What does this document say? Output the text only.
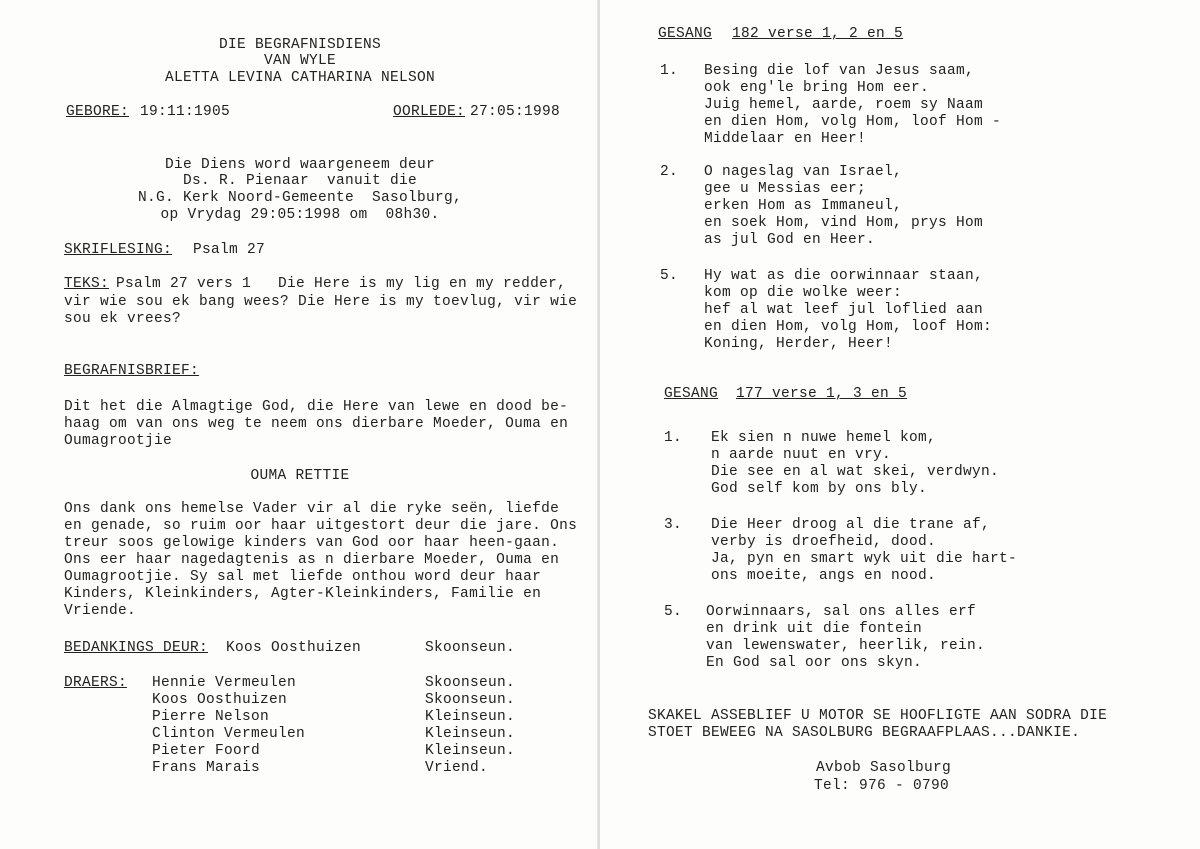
DIE BEGRAFNISDIENS
VAN WYLE
ALETTA LEVINA CATHARINA NELSON
GEBORE: 19:11:1905	OORLEDE: 27:05:1998
Die Diens word waargeneem deur
Ds. R. Pienaar  vanuit die
N.G. Kerk Noord-Gemeente  Sasolburg,
op Vrydag 29:05:1998 om  08h30.
SKRIFLESING: Psalm 27
TEKS: Psalm 27 vers 1   Die Here is my lig en my redder,
vir wie sou ek bang wees? Die Here is my toevlug, vir wie
sou ek vrees?
BEGRAFNISBRIEF:
Dit het die Almagtige God, die Here van lewe en dood be-
haag om van ons weg te neem ons dierbare Moeder, Ouma en
Oumagrootjie
OUMA RETTIE
Ons dank ons hemelse Vader vir al die ryke seën, liefde
en genade, so ruim oor haar uitgestort deur die jare. Ons
treur soos gelowige kinders van God oor haar heen-gaan.
Ons eer haar nagedagtenis as n dierbare Moeder, Ouma en
Oumagrootjie. Sy sal met liefde onthou word deur haar
Kinders, Kleinkinders, Agter-Kleinkinders, Familie en
Vriende.
BEDANKINGS DEUR: Koos Oosthuizen	Skoonseun.
DRAERS: Hennie Vermeulen	Skoonseun.
Koos Oosthuizen	Skoonseun.
Pierre Nelson	Kleinseun.
Clinton Vermeulen	Kleinseun.
Pieter Foord	Kleinseun.
Frans Marais	Vriend.
GESANG 182 verse 1, 2 en 5
1. Besing die lof van Jesus saam,
ook eng'le bring Hom eer.
Juig hemel, aarde, roem sy Naam
en dien Hom, volg Hom, loof Hom -
Middelaar en Heer!
2. O nageslag van Israel,
gee u Messias eer;
erken Hom as Immaneul,
en soek Hom, vind Hom, prys Hom
as jul God en Heer.
5. Hy wat as die oorwinnaar staan,
kom op die wolke weer:
hef al wat leef jul loflied aan
en dien Hom, volg Hom, loof Hom:
Koning, Herder, Heer!
GESANG 177 verse 1, 3 en 5
1. Ek sien n nuwe hemel kom,
n aarde nuut en vry.
Die see en al wat skei, verdwyn.
God self kom by ons bly.
3. Die Heer droog al die trane af,
verby is droefheid, dood.
Ja, pyn en smart wyk uit die hart-
ons moeite, angs en nood.
5. Oorwinnaars, sal ons alles erf
en drink uit die fontein
van lewenswater, heerlik, rein.
En God sal oor ons skyn.
SKAKEL ASSEBLIEF U MOTOR SE HOOFLIGTE AAN SODRA DIE
STOET BEWEEG NA SASOLBURG BEGRAAFPLAAS...DANKIE.
Avbob Sasolburg
Tel: 976 - 0790
